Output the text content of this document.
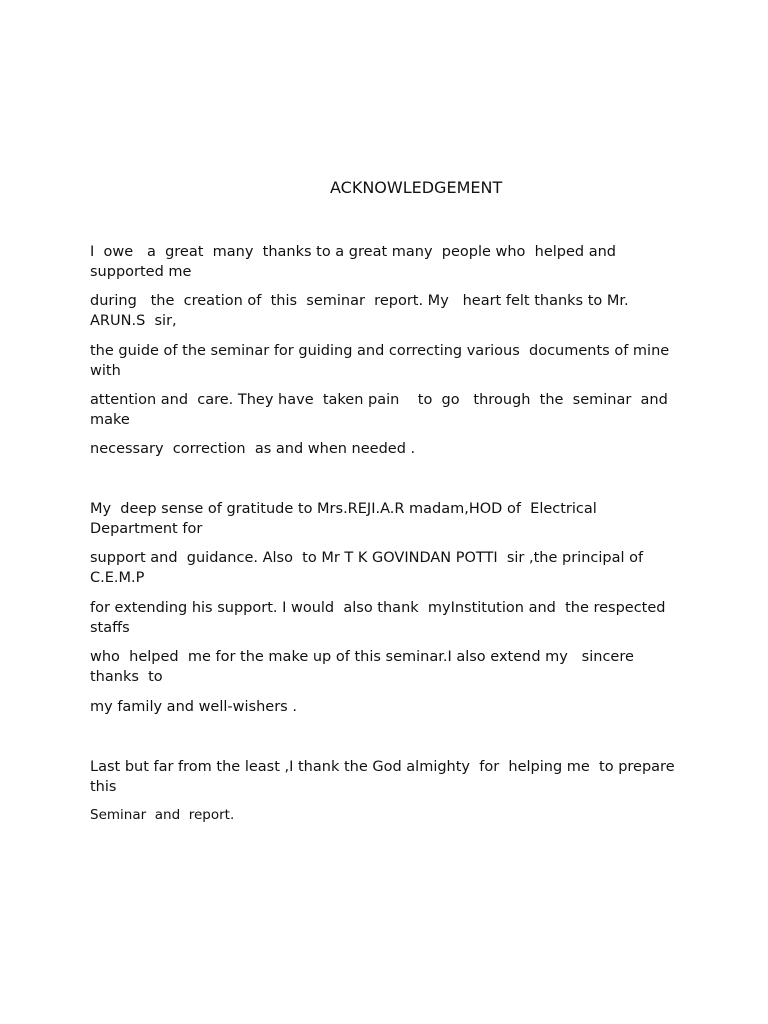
ACKNOWLEDGEMENT

I  owe   a  great  many  thanks to a great many  people who  helped and supported me

during   the  creation of  this  seminar  report. My   heart felt thanks to Mr. ARUN.S  sir,

the guide of the seminar for guiding and correcting various  documents of mine   with

attention and  care. They have  taken pain    to  go   through  the  seminar  and   make

necessary  correction  as and when needed .

My  deep sense of gratitude to Mrs.REJI.A.R madam,HOD of  Electrical Department for

support and  guidance. Also  to Mr T K GOVINDAN POTTI  sir ,the principal of C.E.M.P

for extending his support. I would  also thank  myInstitution and  the respected  staffs

who  helped  me for the make up of this seminar.I also extend my   sincere thanks  to

my family and well-wishers .

Last but far from the least ,I thank the God almighty  for  helping me  to prepare  this

Seminar  and  report.
